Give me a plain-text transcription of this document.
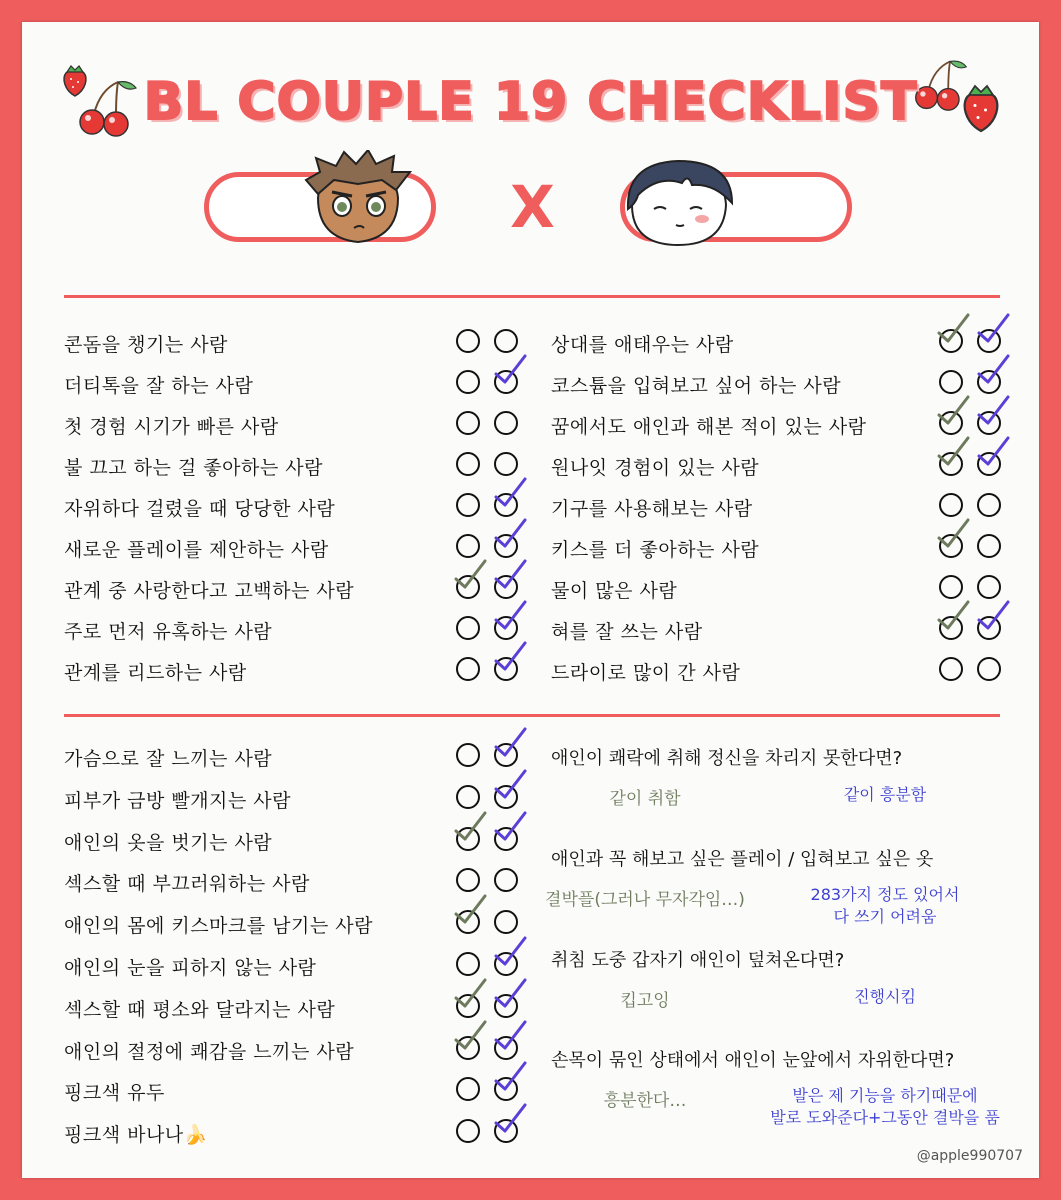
BL COUPLE 19 CHECKLIST
X
콘돔을 챙기는 사람
더티톡을 잘 하는 사람
첫 경험 시기가 빠른 사람
불 끄고 하는 걸 좋아하는 사람
자위하다 걸렸을 때 당당한 사람
새로운 플레이를 제안하는 사람
관계 중 사랑한다고 고백하는 사람
주로 먼저 유혹하는 사람
관계를 리드하는 사람
상대를 애태우는 사람
코스튬을 입혀보고 싶어 하는 사람
꿈에서도 애인과 해본 적이 있는 사람
원나잇 경험이 있는 사람
기구를 사용해보는 사람
키스를 더 좋아하는 사람
물이 많은 사람
혀를 잘 쓰는 사람
드라이로 많이 간 사람
가슴으로 잘 느끼는 사람
피부가 금방 빨개지는 사람
애인의 옷을 벗기는 사람
섹스할 때 부끄러워하는 사람
애인의 몸에 키스마크를 남기는 사람
애인의 눈을 피하지 않는 사람
섹스할 때 평소와 달라지는 사람
애인의 절정에 쾌감을 느끼는 사람
핑크색 유두
핑크색 바나나🍌
애인이 쾌락에 취해 정신을 차리지 못한다면?
같이 취함	같이 흥분함
애인과 꼭 해보고 싶은 플레이 / 입혀보고 싶은 옷
결박플(그러나 무자각임…)	283가지 정도 있어서
다 쓰기 어려움
취침 도중 갑자기 애인이 덮쳐온다면?
킵고잉	진행시킴
손목이 묶인 상태에서 애인이 눈앞에서 자위한다면?
흥분한다…	발은 제 기능을 하기때문에
발로 도와준다+그동안 결박을 품
@apple990707
